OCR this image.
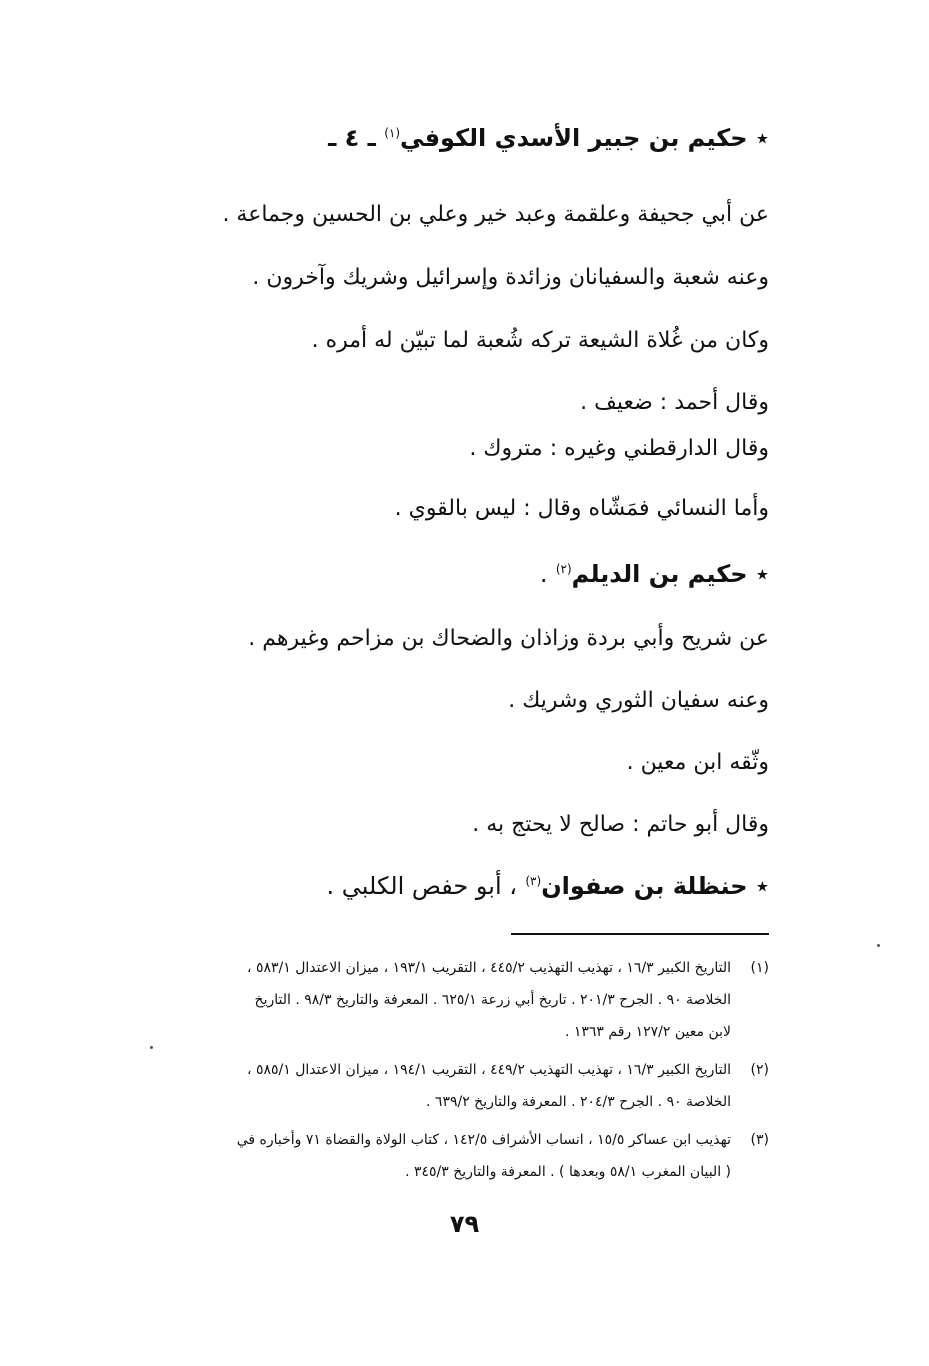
٭ حكيم بن جبير الأسدي الكوفي$^{(١)}$ ـ ٤ ـ
عن أبي جحيفة وعلقمة وعبد خير وعلي بن الحسين وجماعة .
وعنه شعبة والسفيانان وزائدة وإسرائيل وشريك وآخرون .
وكان من غُلاة الشيعة تركه شُعبة لما تبيّن له أمره .
وقال أحمد : ضعيف .
وقال الدارقطني وغيره : متروك .
وأما النسائي فمَشّاه وقال : ليس بالقوي .
٭ حكيم بن الديلم$^{(٢)}$ .
عن شريح وأبي بردة وزاذان والضحاك بن مزاحم وغيرهم .
وعنه سفيان الثوري وشريك .
وثّقه ابن معين .
وقال أبو حاتم : صالح لا يحتج به .
٭ حنظلة بن صفوان$^{(٣)}$ ، أبو حفص الكلبي .
(١)التاريخ الكبير ١٦/٣ ، تهذيب التهذيب ٤٤٥/٢ ، التقريب ١٩٣/١ ، ميزان الاعتدال ٥٨٣/١ ،
الخلاصة ٩٠ . الجرح ٢٠١/٣ . تاريخ أبي زرعة ٦٢٥/١ . المعرفة والتاريخ ٩٨/٣ . التاريخ
لابن معين ١٢٧/٢ رقم ١٣٦٣ .
(٢)التاريخ الكبير ١٦/٣ ، تهذيب التهذيب ٤٤٩/٢ ، التقريب ١٩٤/١ ، ميزان الاعتدال ٥٨٥/١ ،
الخلاصة ٩٠ . الجرح ٢٠٤/٣ . المعرفة والتاريخ ٦٣٩/٢ .
(٣)تهذيب ابن عساكر ١٥/٥ ، انساب الأشراف ١٤٢/٥ ، كتاب الولاة والقضاة ٧١ وأخباره في
( البيان المغرب ٥٨/١ وبعدها ) . المعرفة والتاريخ ٣٤٥/٣ .
٧٩
